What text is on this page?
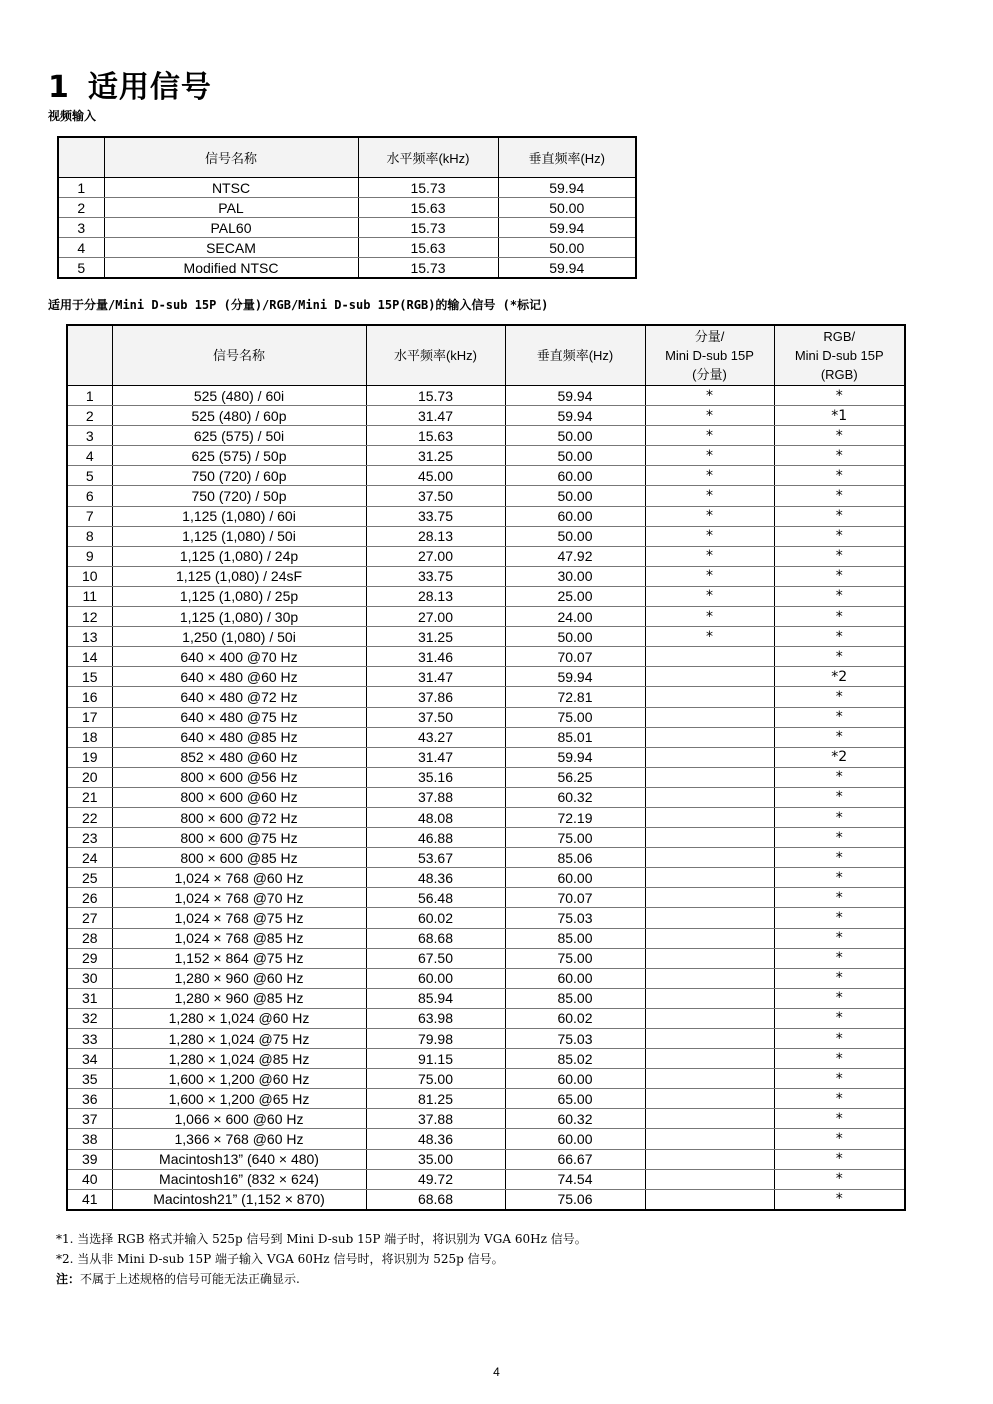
1 适用信号
视频输入
	信号名称	水平频率(kHz)	垂直频率(Hz)
1	NTSC	15.73	59.94
2	PAL	15.63	50.00
3	PAL60	15.73	59.94
4	SECAM	15.63	50.00
5	Modified NTSC	15.73	59.94
适用于分量/Mini D-sub 15P (分量)/RGB/Mini D-sub 15P(RGB)的输入信号 (*标记)
	信号名称	水平频率(kHz)	垂直频率(Hz)	分量/
Mini D-sub 15P
(分量)	RGB/
Mini D-sub 15P
(RGB)
1	525 (480) / 60i	15.73	59.94	*	*
2	525 (480) / 60p	31.47	59.94	*	*1
3	625 (575) / 50i	15.63	50.00	*	*
4	625 (575) / 50p	31.25	50.00	*	*
5	750 (720) / 60p	45.00	60.00	*	*
6	750 (720) / 50p	37.50	50.00	*	*
7	1,125 (1,080) / 60i	33.75	60.00	*	*
8	1,125 (1,080) / 50i	28.13	50.00	*	*
9	1,125 (1,080) / 24p	27.00	47.92	*	*
10	1,125 (1,080) / 24sF	33.75	30.00	*	*
11	1,125 (1,080) / 25p	28.13	25.00	*	*
12	1,125 (1,080) / 30p	27.00	24.00	*	*
13	1,250 (1,080) / 50i	31.25	50.00	*	*
14	640 × 400 @70 Hz	31.46	70.07		*
15	640 × 480 @60 Hz	31.47	59.94		*2
16	640 × 480 @72 Hz	37.86	72.81		*
17	640 × 480 @75 Hz	37.50	75.00		*
18	640 × 480 @85 Hz	43.27	85.01		*
19	852 × 480 @60 Hz	31.47	59.94		*2
20	800 × 600 @56 Hz	35.16	56.25		*
21	800 × 600 @60 Hz	37.88	60.32		*
22	800 × 600 @72 Hz	48.08	72.19		*
23	800 × 600 @75 Hz	46.88	75.00		*
24	800 × 600 @85 Hz	53.67	85.06		*
25	1,024 × 768 @60 Hz	48.36	60.00		*
26	1,024 × 768 @70 Hz	56.48	70.07		*
27	1,024 × 768 @75 Hz	60.02	75.03		*
28	1,024 × 768 @85 Hz	68.68	85.00		*
29	1,152 × 864 @75 Hz	67.50	75.00		*
30	1,280 × 960 @60 Hz	60.00	60.00		*
31	1,280 × 960 @85 Hz	85.94	85.00		*
32	1,280 × 1,024 @60 Hz	63.98	60.02		*
33	1,280 × 1,024 @75 Hz	79.98	75.03		*
34	1,280 × 1,024 @85 Hz	91.15	85.02		*
35	1,600 × 1,200 @60 Hz	75.00	60.00		*
36	1,600 × 1,200 @65 Hz	81.25	65.00		*
37	1,066 × 600 @60 Hz	37.88	60.32		*
38	1,366 × 768 @60 Hz	48.36	60.00		*
39	Macintosh13” (640 × 480)	35.00	66.67		*
40	Macintosh16” (832 × 624)	49.72	74.54		*
41	Macintosh21” (1,152 × 870)	68.68	75.06		*
*1. 当选择 RGB 格式并输入 525p 信号到 Mini D-sub 15P 端子时，将识别为 VGA 60Hz 信号。
*2. 当从非 Mini D-sub 15P 端子输入 VGA 60Hz 信号时，将识别为 525p 信号。
注：不属于上述规格的信号可能无法正确显示.
4
